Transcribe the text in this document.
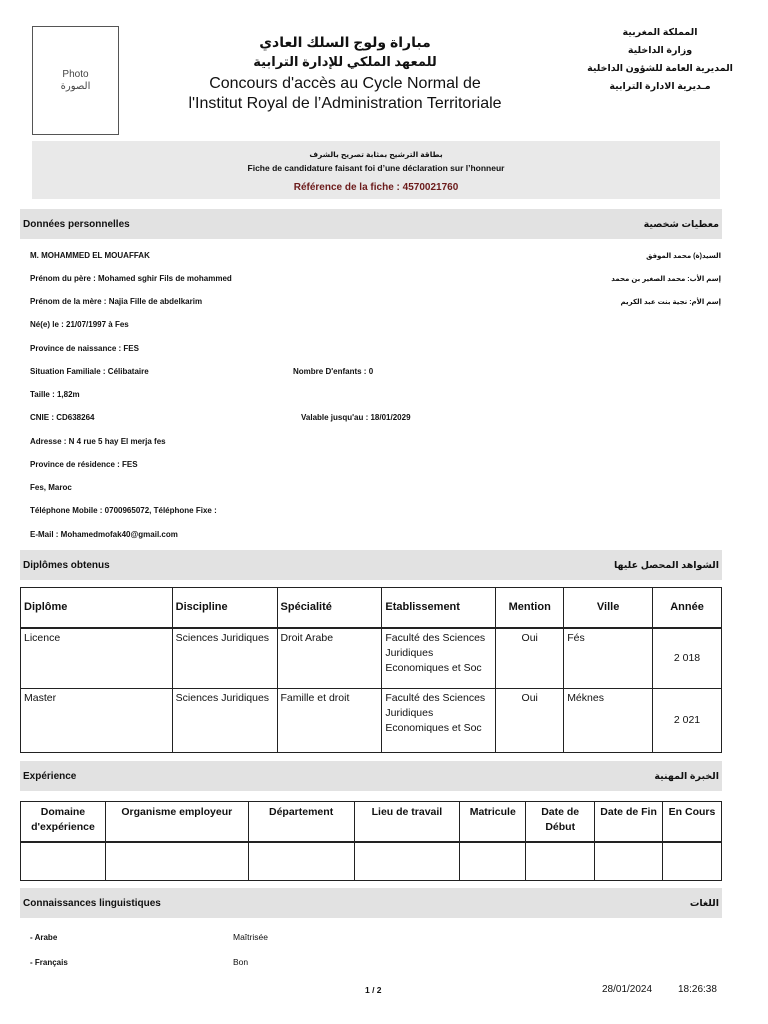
Photo
الصورة
مباراة ولوج السلك العادي
للمعهد الملكي للإدارة الترابية
Concours d'accès au Cycle Normal de
l'Institut Royal de l’Administration Territoriale
المملكة المغربية
وزارة الداخلية
المديرية العامة للشؤون الداخلية
مـديرية الادارة الترابية
بطاقة الترشيح بمثابة تصريح بالشرف
Fiche de candidature faisant foi d’une déclaration sur l’honneur
Référence de la fiche : 4570021760
Données personnelles	معطيات شخصية
M. MOHAMMED EL MOUAFFAK	السيد(ة) محمد الموفق
Prénom du père : Mohamed sghir Fils de mohammed	إسم الأب: محمد الصغير بن محمد
Prénom de la mère : Najia Fille de abdelkarim	إسم الأم: نجية بنت عبد الكريم
Né(e) le : 21/07/1997 à Fes
Province de naissance : FES
Situation Familiale : Célibataire	Nombre D'enfants : 0
Taille : 1,82m
CNIE : CD638264	Valable jusqu'au : 18/01/2029
Adresse : N 4 rue 5 hay El merja fes
Province de résidence : FES
Fes, Maroc
Téléphone Mobile : 0700965072, Téléphone Fixe :
E-Mail : Mohamedmofak40@gmail.com
Diplômes obtenus	الشواهد المحصل عليها
Diplôme	Discipline	Spécialité	Etablissement	Mention	Ville	Année
Licence	Sciences Juridiques	Droit Arabe	Faculté des Sciences Juridiques Economiques et Soc	Oui	Fés	2 018
Master	Sciences Juridiques	Famille et droit	Faculté des Sciences Juridiques Economiques et Soc	Oui	Méknes	2 021
Expérience	الخبرة المهنية
Domaine d'expérience	Organisme employeur	Département	Lieu de travail	Matricule	Date de Début	Date de Fin	En Cours

Connaissances linguistiques	اللغات
- Arabe	Maîtrisée
- Français	Bon
1 / 2	28/01/2024	18:26:38
